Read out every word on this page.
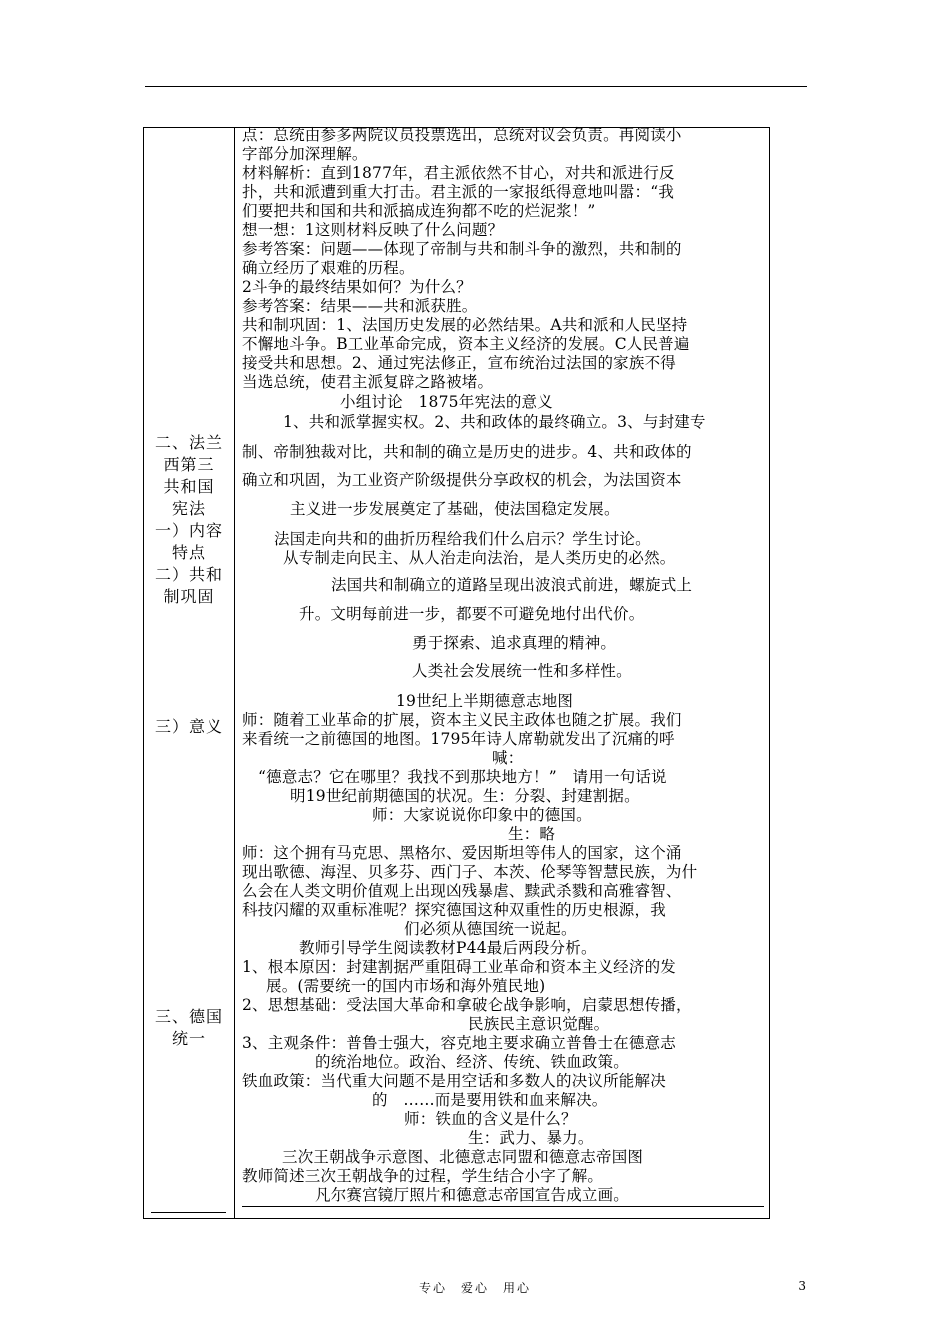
二、法兰
西第三
共和国
宪法
一）内容
特点
二）共和
制巩固
三）意义
三、德国
统一
点：总统由参多两院议员投票选出，总统对议会负责。再阅读小
字部分加深理解。
材料解析：直到1877年，君主派依然不甘心，对共和派进行反
扑，共和派遭到重大打击。君主派的一家报纸得意地叫嚣：“我
们要把共和国和共和派搞成连狗都不吃的烂泥浆！”
想一想：1这则材料反映了什么问题？
参考答案：问题——体现了帝制与共和制斗争的激烈，共和制的
确立经历了艰难的历程。
2斗争的最终结果如何？为什么？
参考答案：结果——共和派获胜。
共和制巩固：1、法国历史发展的必然结果。A共和派和人民坚持
不懈地斗争。B工业革命完成，资本主义经济的发展。C人民普遍
接受共和思想。2、通过宪法修正，宣布统治过法国的家族不得
当选总统，使君主派复辟之路被堵。
小组讨论　1875年宪法的意义
1、共和派掌握实权。2、共和政体的最终确立。3、与封建专
制、帝制独裁对比，共和制的确立是历史的进步。4、共和政体的
确立和巩固，为工业资产阶级提供分享政权的机会，为法国资本
主义进一步发展奠定了基础，使法国稳定发展。
法国走向共和的曲折历程给我们什么启示？学生讨论。
从专制走向民主、从人治走向法治，是人类历史的必然。
法国共和制确立的道路呈现出波浪式前进，螺旋式上
升。文明每前进一步，都要不可避免地付出代价。
勇于探索、追求真理的精神。
人类社会发展统一性和多样性。
19世纪上半期德意志地图
师：随着工业革命的扩展，资本主义民主政体也随之扩展。我们
来看统一之前德国的地图。1795年诗人席勒就发出了沉痛的呼
喊：
“德意志？它在哪里？我找不到那块地方！”　请用一句话说
明19世纪前期德国的状况。生：分裂、封建割据。
师：大家说说你印象中的德国。
生：略
师：这个拥有马克思、黑格尔、爱因斯坦等伟人的国家，这个涌
现出歌德、海涅、贝多芬、西门子、本茨、伦琴等智慧民族，为什
么会在人类文明价值观上出现凶残暴虐、黩武杀戮和高雅睿智、
科技闪耀的双重标准呢？探究德国这种双重性的历史根源，我
们必须从德国统一说起。
教师引导学生阅读教材P44最后两段分析。
1、根本原因：封建割据严重阻碍工业革命和资本主义经济的发
展。(需要统一的国内市场和海外殖民地)
2、思想基础：受法国大革命和拿破仑战争影响，启蒙思想传播，
民族民主意识觉醒。
3、主观条件：普鲁士强大，容克地主要求确立普鲁士在德意志
的统治地位。政治、经济、传统、铁血政策。
铁血政策：当代重大问题不是用空话和多数人的决议所能解决
的　……而是要用铁和血来解决。
师：铁血的含义是什么？
生：武力、暴力。
三次王朝战争示意图、北德意志同盟和德意志帝国图
教师简述三次王朝战争的过程，学生结合小字了解。
凡尔赛宫镜厅照片和德意志帝国宣告成立画。
专心　爱心　用心	3
